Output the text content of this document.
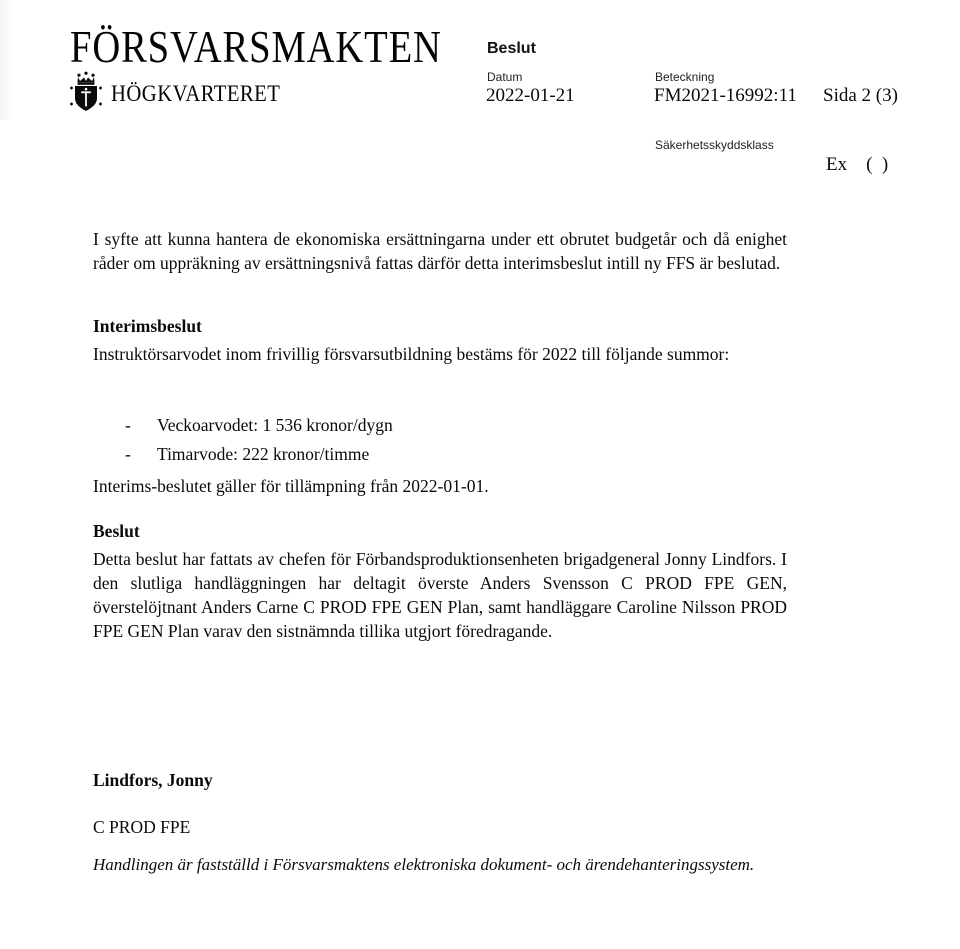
FÖRSVARSMAKTEN
HÖGKVARTERET
Beslut
Datum
2022-01-21
Beteckning
FM2021-16992:11 Sida 2 (3)
Säkerhetsskyddsklass
Ex    (  )
I syfte att kunna hantera de ekonomiska ersättningarna under ett obrutet budgetår och då enighet råder om uppräkning av ersättningsnivå fattas därför detta interimsbeslut intill ny FFS är beslutad.
Interimsbeslut
Instruktörsarvodet inom frivillig försvarsutbildning bestäms för 2022 till följande summor:
-	Veckoarvodet: 1 536 kronor/dygn
-	Timarvode: 222 kronor/timme
Interims-beslutet gäller för tillämpning från 2022-01-01.
Beslut
Detta beslut har fattats av chefen för Förbandsproduktionsenheten brigadgeneral Jonny Lindfors. I den slutliga handläggningen har deltagit överste Anders Svensson C PROD FPE GEN, överstelöjtnant Anders Carne C PROD FPE GEN Plan, samt handläggare Caroline Nilsson PROD FPE GEN Plan varav den sistnämnda tillika utgjort föredragande.
Lindfors, Jonny
C PROD FPE
Handlingen är fastställd i Försvarsmaktens elektroniska dokument- och ärendehanteringssystem.
